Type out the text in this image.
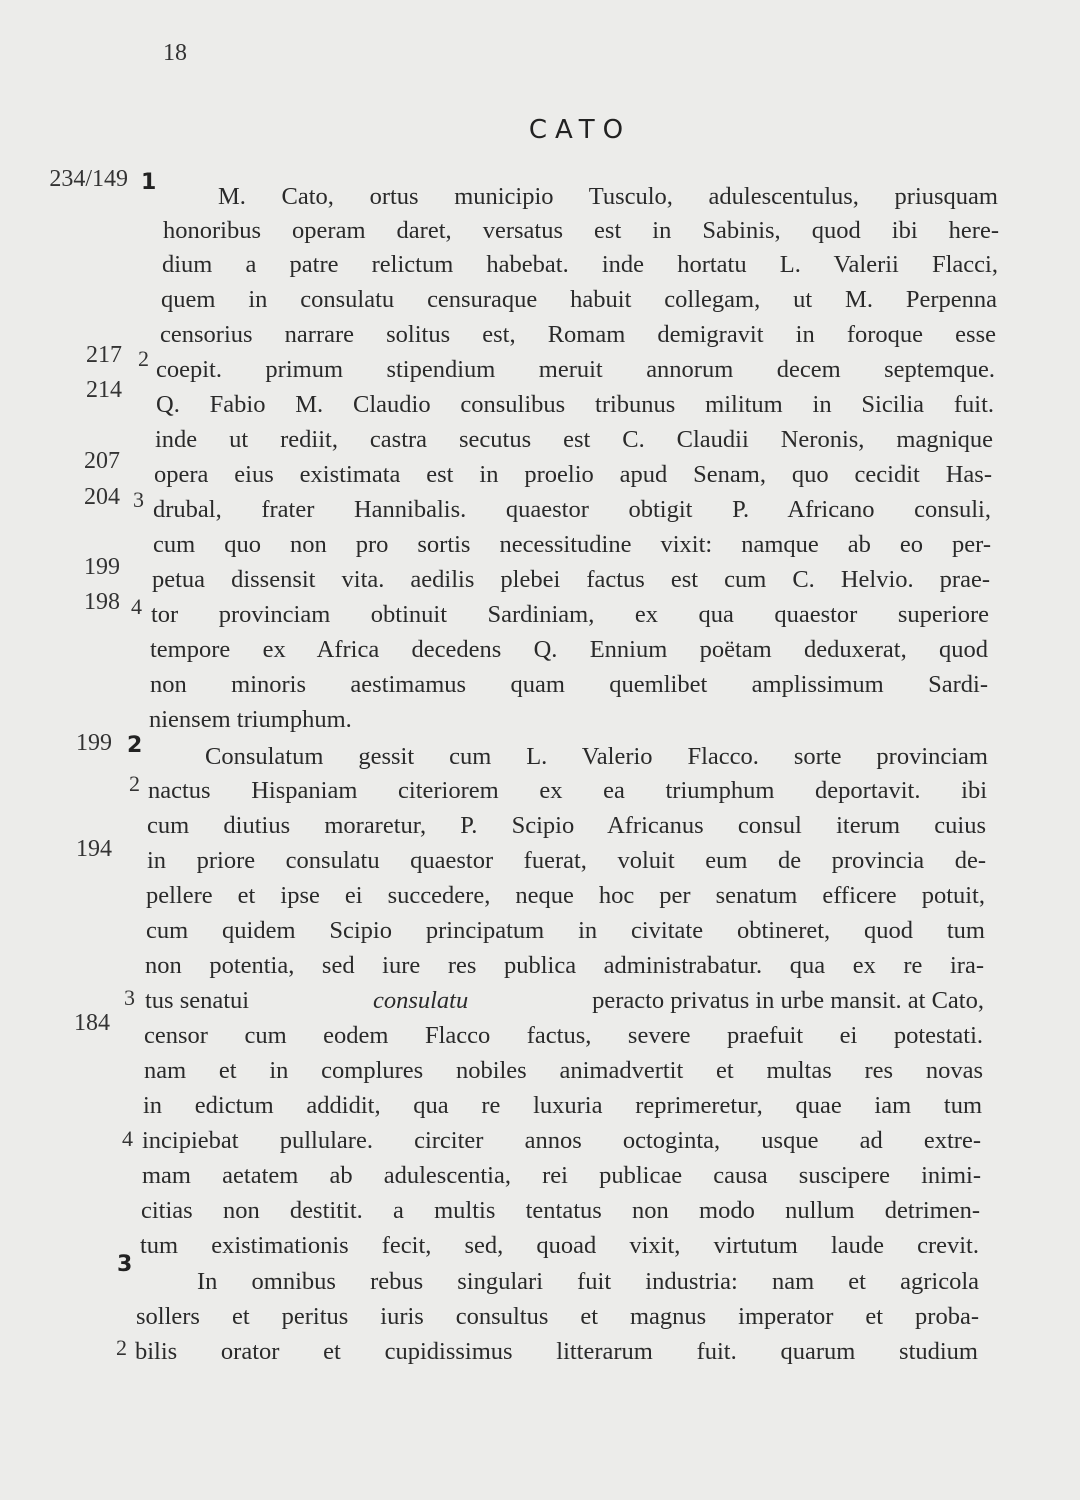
18
CATO
234/149
217
214
207
204
199
198
199
194
184
1
2
3
2
3
4
2
3
4
2
M. Cato, ortus municipio Tusculo, adulescentulus, priusquam
honoribus operam daret, versatus est in Sabinis, quod ibi here-
dium a patre relictum habebat. inde hortatu L. Valerii Flacci,
quem in consulatu censuraque habuit collegam, ut M. Perpenna
censorius narrare solitus est, Romam demigravit in foroque esse
coepit. primum stipendium meruit annorum decem septemque.
Q. Fabio M. Claudio consulibus tribunus militum in Sicilia fuit.
inde ut rediit, castra secutus est C. Claudii Neronis, magnique
opera eius existimata est in proelio apud Senam, quo cecidit Has-
drubal, frater Hannibalis. quaestor obtigit P. Africano consuli,
cum quo non pro sortis necessitudine vixit: namque ab eo per-
petua dissensit vita. aedilis plebei factus est cum C. Helvio. prae-
tor provinciam obtinuit Sardiniam, ex qua quaestor superiore
tempore ex Africa decedens Q. Ennium poëtam deduxerat, quod
non minoris aestimamus quam quemlibet amplissimum Sardi-
niensem triumphum.
Consulatum gessit cum L. Valerio Flacco. sorte provinciam
nactus Hispaniam citeriorem ex ea triumphum deportavit. ibi
cum diutius moraretur, P. Scipio Africanus consul iterum cuius
in priore consulatu quaestor fuerat, voluit eum de provincia de-
pellere et ipse ei succedere, neque hoc per senatum efficere potuit,
cum quidem Scipio principatum in civitate obtineret, quod tum
non potentia, sed iure res publica administrabatur. qua ex re ira-
tus senatui	consulatu	peracto privatus in urbe mansit. at Cato,
censor cum eodem Flacco factus, severe praefuit ei potestati.
nam et in complures nobiles animadvertit et multas res novas
in edictum addidit, qua re luxuria reprimeretur, quae iam tum
incipiebat pullulare. circiter annos octoginta, usque ad extre-
mam aetatem ab adulescentia, rei publicae causa suscipere inimi-
citias non destitit. a multis tentatus non modo nullum detrimen-
tum existimationis fecit, sed, quoad vixit, virtutum laude crevit.
In omnibus rebus singulari fuit industria: nam et agricola
sollers et peritus iuris consultus et magnus imperator et proba-
bilis orator et cupidissimus litterarum fuit. quarum studium
